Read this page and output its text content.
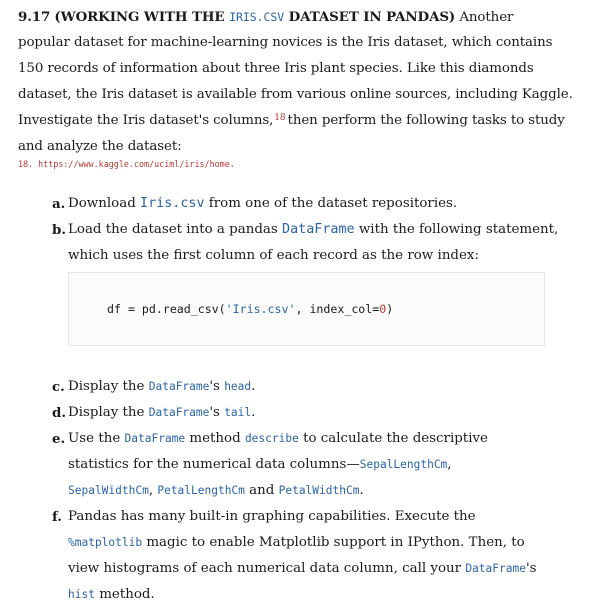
9.17 (WORKING WITH THE IRIS.CSV DATASET IN PANDAS) Another
popular dataset for machine-learning novices is the Iris dataset, which contains
150 records of information about three Iris plant species. Like this diamonds
dataset, the Iris dataset is available from various online sources, including Kaggle.
Investigate the Iris dataset's columns,$^{18}$ then perform the following tasks to study
and analyze the dataset:
18. https://www.kaggle.com/uciml/iris/home.
a. Download Iris.csv from one of the dataset repositories.
b. Load the dataset into a pandas DataFrame with the following statement,
which uses the first column of each record as the row index:
df = pd.read_csv('Iris.csv', index_col=0)
c. Display the DataFrame's head.
d. Display the DataFrame's tail.
e. Use the DataFrame method describe to calculate the descriptive
statistics for the numerical data columns—SepalLengthCm,
SepalWidthCm, PetalLengthCm and PetalWidthCm.
f. Pandas has many built-in graphing capabilities. Execute the
%matplotlib magic to enable Matplotlib support in IPython. Then, to
view histograms of each numerical data column, call your DataFrame's
hist method.
